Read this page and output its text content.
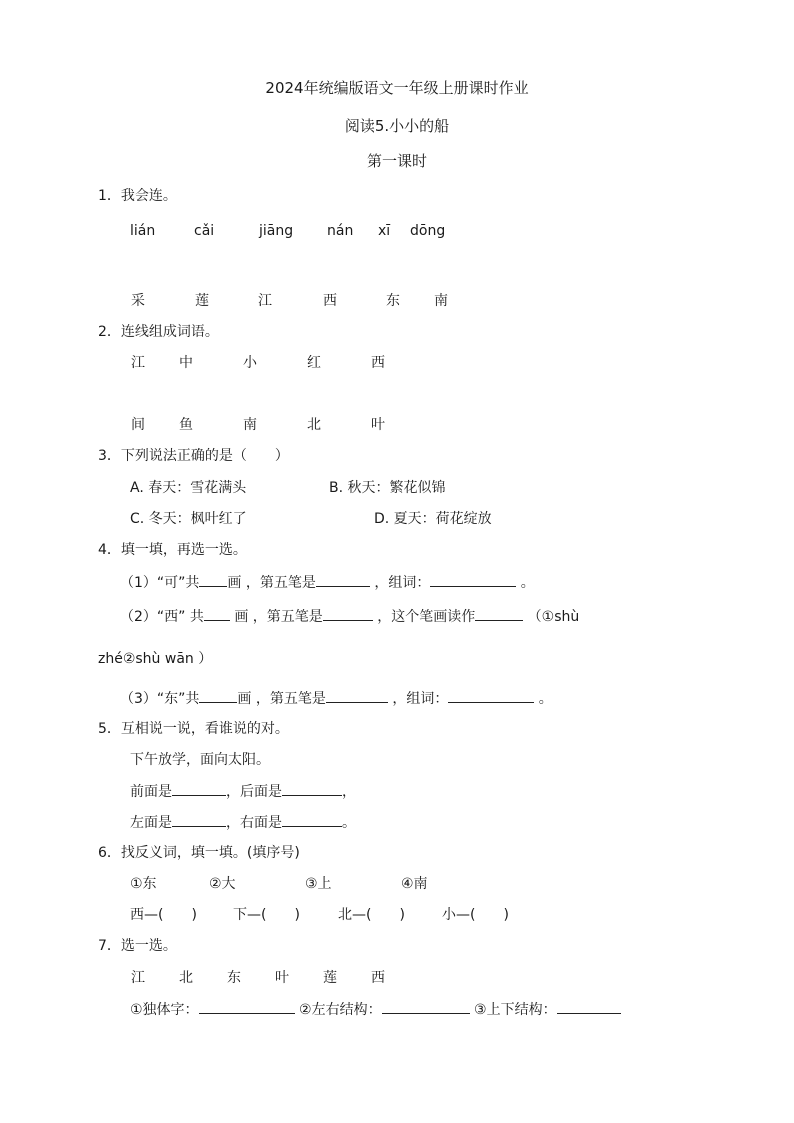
2024年统编版语文一年级上册课时作业
阅读5.小小的船
第一课时
1．我会连。
lián	cǎi	jiāng nán xī dōng
采	莲	江	西	东 南
2．连线组成词语。
江 中	小	红	西
间 鱼	南	北	叶
3．下列说法正确的是（　　）
A. 春天：雪花满头	B. 秋天：繁花似锦
C. 冬天：枫叶红了	D. 夏天：荷花绽放
4．填一填，再选一选。
（1）“可”共 画 ，第五笔是	，组词：	。
（2）“西” 共 画 ，第五笔是	，这个笔画读作	（①shù
zhé②shù wān ）
（3）“东”共	画 ，第五笔是	，组词：	。
5．互相说一说，看谁说的对。
下午放学，面向太阳。
前面是	，后面是	，
左面是	，右面是	。
6．找反义词，填一填。(填序号)
①东	②大	③上	④南
西—(　　)	下—(　　)	北—(　　)	小—(　　)
7．选一选。
江 北 东 叶 莲 西
①独体字：	②左右结构：	③上下结构：
